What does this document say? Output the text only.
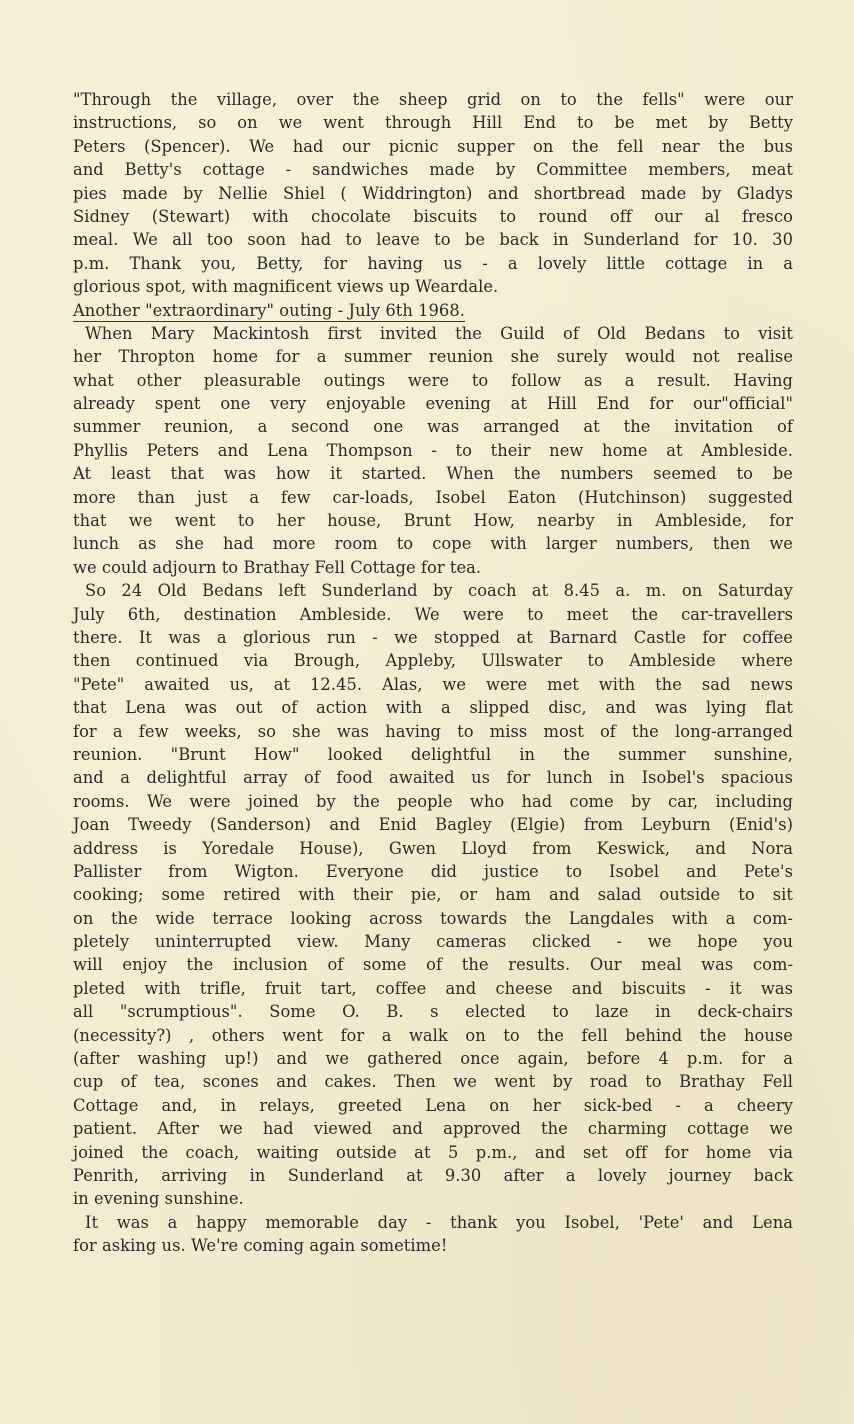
"Through the village, over the sheep grid on to the fells" were our
instructions, so on we went through Hill End to be met by Betty
Peters (Spencer). We had our picnic supper on the fell near the bus
and Betty's cottage - sandwiches made by Committee members, meat
pies made by Nellie Shiel ( Widdrington) and shortbread made by Gladys
Sidney (Stewart) with chocolate biscuits to round off our al fresco
meal. We all too soon had to leave to be back in Sunderland for 10. 30
p.m. Thank you, Betty, for having us - a lovely little cottage in a
glorious spot, with magnificent views up Weardale.
Another "extraordinary" outing - July 6th 1968.
When Mary Mackintosh first invited the Guild of Old Bedans to visit
her Thropton home for a summer reunion she surely would not realise
what other pleasurable outings were to follow as a result. Having
already spent one very enjoyable evening at Hill End for our"official"
summer reunion, a second one was arranged at the invitation of
Phyllis Peters and Lena Thompson - to their new home at Ambleside.
At least that was how it started. When the numbers seemed to be
more than just a few car-loads, Isobel Eaton (Hutchinson) suggested
that we went to her house, Brunt How, nearby in Ambleside, for
lunch as she had more room to cope with larger numbers, then we
we could adjourn to Brathay Fell Cottage for tea.
So 24 Old Bedans left Sunderland by coach at 8.45 a. m. on Saturday
July 6th, destination Ambleside. We were to meet the car-travellers
there. It was a glorious run - we stopped at Barnard Castle for coffee
then continued via Brough, Appleby, Ullswater to Ambleside where
"Pete" awaited us, at 12.45. Alas, we were met with the sad news
that Lena was out of action with a slipped disc, and was lying flat
for a few weeks, so she was having to miss most of the long-arranged
reunion. "Brunt How" looked delightful in the summer sunshine,
and a delightful array of food awaited us for lunch in Isobel's spacious
rooms. We were joined by the people who had come by car, including
Joan Tweedy (Sanderson) and Enid Bagley (Elgie) from Leyburn (Enid's)
address is Yoredale House), Gwen Lloyd from Keswick, and Nora
Pallister from Wigton. Everyone did justice to Isobel and Pete's
cooking; some retired with their pie, or ham and salad outside to sit
on the wide terrace looking across towards the Langdales with a com-
pletely uninterrupted view. Many cameras clicked - we hope you
will enjoy the inclusion of some of the results. Our meal was com-
pleted with trifle, fruit tart, coffee and cheese and biscuits - it was
all "scrumptious". Some O. B. s elected to laze in deck-chairs
(necessity?) , others went for a walk on to the fell behind the house
(after washing up!) and we gathered once again, before 4 p.m. for a
cup of tea, scones and cakes. Then we went by road to Brathay Fell
Cottage and, in relays, greeted Lena on her sick-bed - a cheery
patient. After we had viewed and approved the charming cottage we
joined the coach, waiting outside at 5 p.m., and set off for home via
Penrith, arriving in Sunderland at 9.30 after a lovely journey back
in evening sunshine.
It was a happy memorable day - thank you Isobel, 'Pete' and Lena
for asking us. We're coming again sometime!
